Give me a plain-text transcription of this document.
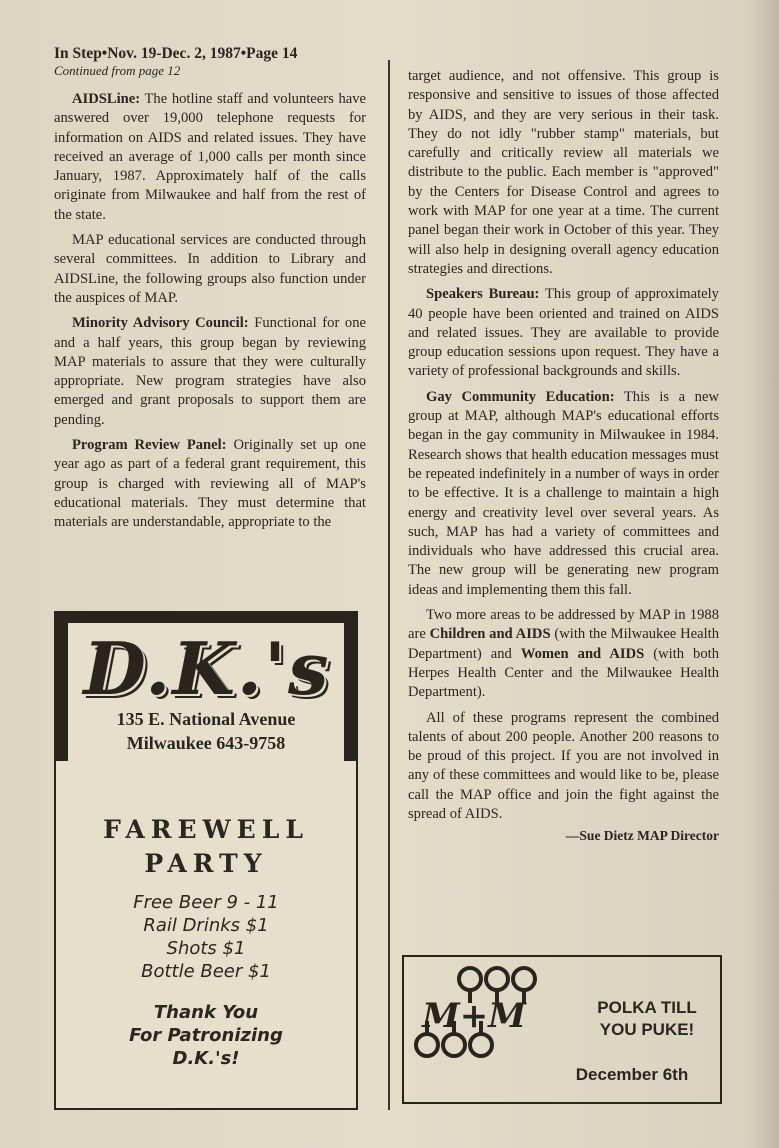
In Step•Nov. 19-Dec. 2, 1987•Page 14
Continued from page 12

AIDSLine: The hotline staff and volunteers have answered over 19,000 telephone requests for information on AIDS and related issues. They have received an average of 1,000 calls per month since January, 1987. Approximately half of the calls originate from Milwaukee and half from the rest of the state.

MAP educational services are conducted through several committees. In addition to Library and AIDSLine, the following groups also function under the auspices of MAP.

Minority Advisory Council: Functional for one and a half years, this group began by reviewing MAP materials to assure that they were culturally appropriate. New program strategies have also emerged and grant proposals to support them are pending.

Program Review Panel: Originally set up one year ago as part of a federal grant requirement, this group is charged with reviewing all of MAP's educational materials. They must determine that materials are understandable, appropriate to the

target audience, and not offensive. This group is responsive and sensitive to issues of those affected by AIDS, and they are very serious in their task. They do not idly "rubber stamp" materials, but carefully and critically review all materials we distribute to the public. Each member is "approved" by the Centers for Disease Control and agrees to work with MAP for one year at a time. The current panel began their work in October of this year. They will also help in designing overall agency education strategies and directions.

Speakers Bureau: This group of approximately 40 people have been oriented and trained on AIDS and related issues. They are available to provide group education sessions upon request. They have a variety of professional backgrounds and skills.

Gay Community Education: This is a new group at MAP, although MAP's educational efforts began in the gay community in Milwaukee in 1984. Research shows that health education messages must be repeated indefinitely in a number of ways in order to be effective. It is a challenge to maintain a high energy and creativity level over several years. As such, MAP has had a variety of committees and individuals who have addressed this crucial area. The new group will be generating new program ideas and implementing them this fall.

Two more areas to be addressed by MAP in 1988 are Children and AIDS (with the Milwaukee Health Department) and Women and AIDS (with both Herpes Health Center and the Milwaukee Health Department).

All of these programs represent the combined talents of about 200 people. Another 200 reasons to be proud of this project. If you are not involved in any of these committees and would like to be, please call the MAP office and join the fight against the spread of AIDS.

—Sue Dietz MAP Director
D.K.'s
135 E. National Avenue
Milwaukee 643-9758
FAREWELL
PARTY
Free Beer 9 - 11
Rail Drinks $1
Shots $1
Bottle Beer $1
Thank You
For Patronizing
D.K.'s!
M+M	POLKA TILL
YOU PUKE!
December 6th
